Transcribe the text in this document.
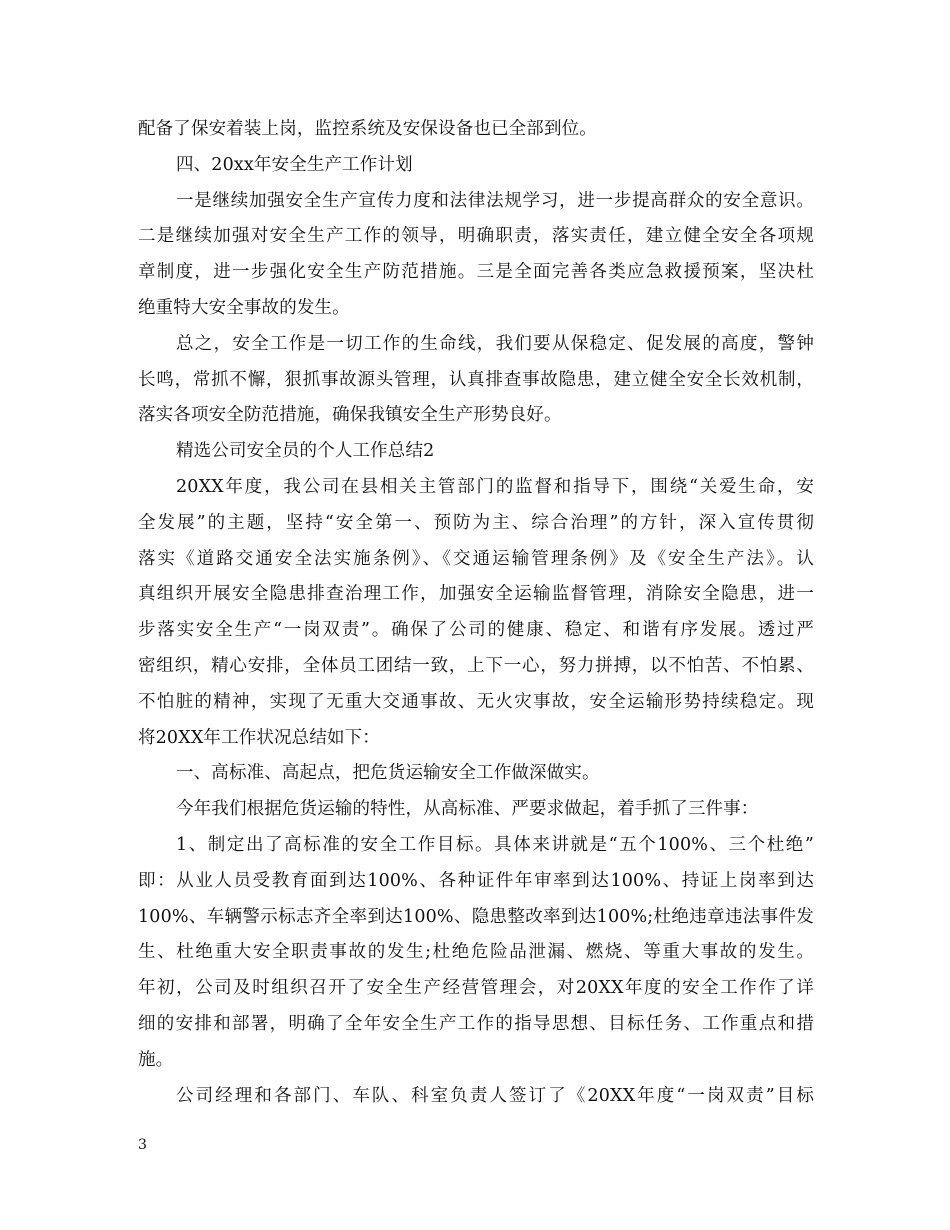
配备了保安着装上岗，监控系统及安保设备也已全部到位。
四、20xx年安全生产工作计划
一是继续加强安全生产宣传力度和法律法规学习，进一步提高群众的安全意识。
二是继续加强对安全生产工作的领导，明确职责，落实责任，建立健全安全各项规
章制度，进一步强化安全生产防范措施。三是全面完善各类应急救援预案，坚决杜
绝重特大安全事故的发生。
总之，安全工作是一切工作的生命线，我们要从保稳定、促发展的高度，警钟
长鸣，常抓不懈，狠抓事故源头管理，认真排查事故隐患，建立健全安全长效机制，
落实各项安全防范措施，确保我镇安全生产形势良好。
精选公司安全员的个人工作总结2
20XX年度，我公司在县相关主管部门的监督和指导下，围绕“关爱生命，安
全发展”的主题，坚持“安全第一、预防为主、综合治理”的方针，深入宣传贯彻
落实《道路交通安全法实施条例》、《交通运输管理条例》及《安全生产法》。认
真组织开展安全隐患排查治理工作，加强安全运输监督管理，消除安全隐患，进一
步落实安全生产“一岗双责”。确保了公司的健康、稳定、和谐有序发展。透过严
密组织，精心安排，全体员工团结一致，上下一心，努力拼搏，以不怕苦、不怕累、
不怕脏的精神，实现了无重大交通事故、无火灾事故，安全运输形势持续稳定。现
将20XX年工作状况总结如下：
一、高标准、高起点，把危货运输安全工作做深做实。
今年我们根据危货运输的特性，从高标准、严要求做起，着手抓了三件事：
1、制定出了高标准的安全工作目标。具体来讲就是“五个100%、三个杜绝”
即：从业人员受教育面到达100%、各种证件年审率到达100%、持证上岗率到达
100%、车辆警示标志齐全率到达100%、隐患整改率到达100%;杜绝违章违法事件发
生、杜绝重大安全职责事故的发生;杜绝危险品泄漏、燃烧、等重大事故的发生。
年初，公司及时组织召开了安全生产经营管理会，对20XX年度的安全工作作了详
细的安排和部署，明确了全年安全生产工作的指导思想、目标任务、工作重点和措
施。
公司经理和各部门、车队、科室负责人签订了《20XX年度“一岗双责”目标
3
